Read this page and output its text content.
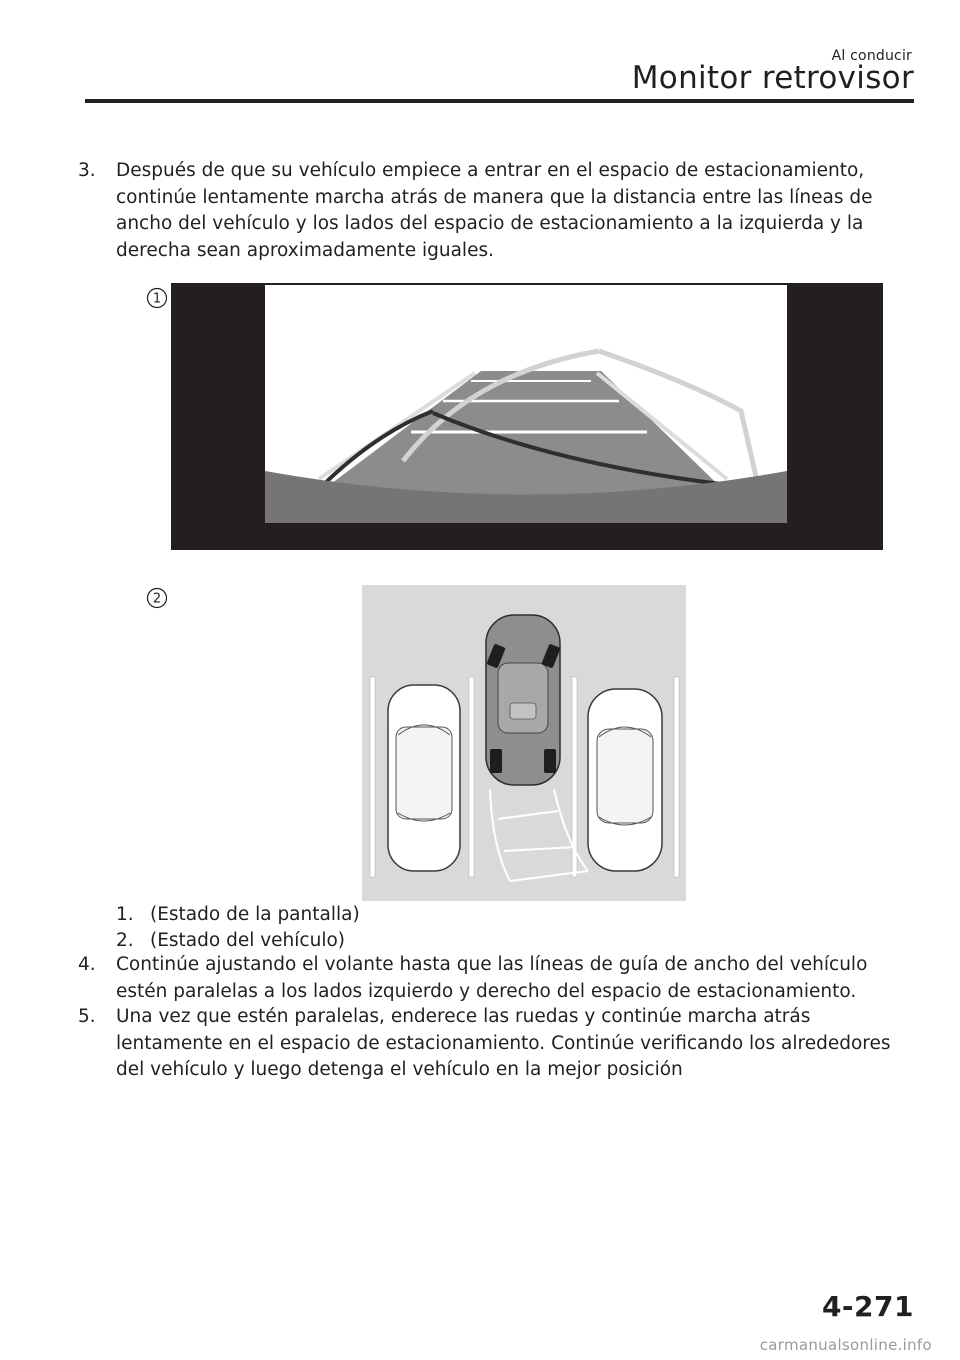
Al conducir
Monitor retrovisor
3. Después de que su vehículo empiece a entrar en el espacio de estacionamiento, continúe lentamente marcha atrás de manera que la distancia entre las líneas de ancho del vehículo y los lados del espacio de estacionamiento a la izquierda y la derecha sean aproximadamente iguales.
1
2
1. (Estado de la pantalla)
2. (Estado del vehículo)
4. Continúe ajustando el volante hasta que las líneas de guía de ancho del vehículo estén paralelas a los lados izquierdo y derecho del espacio de estacionamiento.
5. Una vez que estén paralelas, enderece las ruedas y continúe marcha atrás lentamente en el espacio de estacionamiento. Continúe verificando los alrededores del vehículo y luego detenga el vehículo en la mejor posición
4-271
carmanualsonline.info
